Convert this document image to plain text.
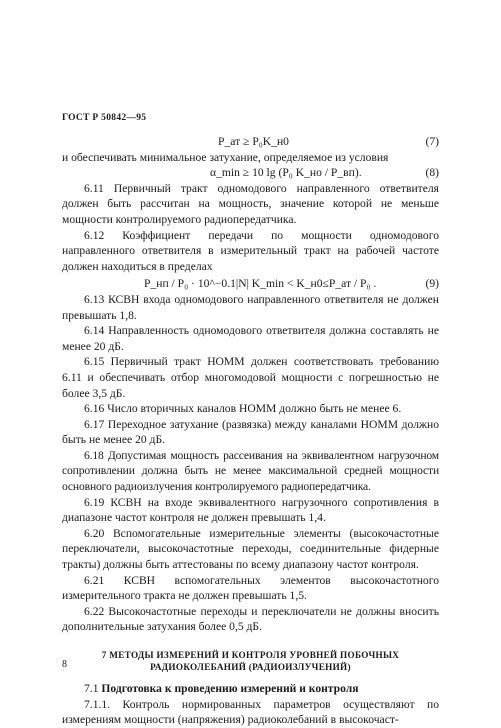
ГОСТ Р 50842—95
P_ат ≥ P₀K_н0	(7)

и обеспечивать минимальное затухание, определяемое из условия

α_min ≥ 10 lg (P₀ K_но / P_вп).	(8)

6.11 Первичный тракт одномодового направленного ответвителя должен быть рассчитан на мощность, значение которой не меньше мощности контролируемого радиопередатчика.

6.12 Коэффициент передачи по мощности одномодового направленного ответвителя в измерительный тракт на рабочей частоте должен находиться в пределах

P_нп / P₀ · 10^−0.1|N| K_min < K_н0≤P_ат / P₀ .	(9)

6.13 КСВН входа одномодового направленного ответвителя не должен превышать 1,8.

6.14 Направленность одномодового ответвителя должна составлять не менее 20 дБ.

6.15 Первичный тракт НОММ должен соответствовать требованию 6.11 и обеспечивать отбор многомодовой мощности с погрешностью не более 3,5 дБ.

6.16 Число вторичных каналов НОММ должно быть не менее 6.

6.17 Переходное затухание (развязка) между каналами НОММ должно быть не менее 20 дБ.

6.18 Допустимая мощность рассеивания на эквивалентном нагрузочном сопротивлении должна быть не менее максимальной средней мощности основного радиоизлучения контролируемого радиопередатчика.

6.19 КСВН на входе эквивалентного нагрузочного сопротивления в диапазоне частот контроля не должен превышать 1,4.

6.20 Вспомогательные измерительные элементы (высокочастотные переключатели, высокочастотные переходы, соединительные фидерные тракты) должны быть аттестованы по всему диапазону частот контроля.

6.21 КСВН вспомогательных элементов высокочастотного измерительного тракта не должен превышать 1,5.

6.22 Высокочастотные переходы и переключатели не должны вносить дополнительные затухания более 0,5 дБ.

7 МЕТОДЫ ИЗМЕРЕНИЙ И КОНТРОЛЯ УРОВНЕЙ ПОБОЧНЫХ РАДИОКОЛЕБАНИЙ (РАДИОИЗЛУЧЕНИЙ)

7.1 Подготовка к проведению измерений и контроля

7.1.1. Контроль нормированных параметров осуществляют по измерениям мощности (напряжения) радиоколебаний в высокочаст-

8
